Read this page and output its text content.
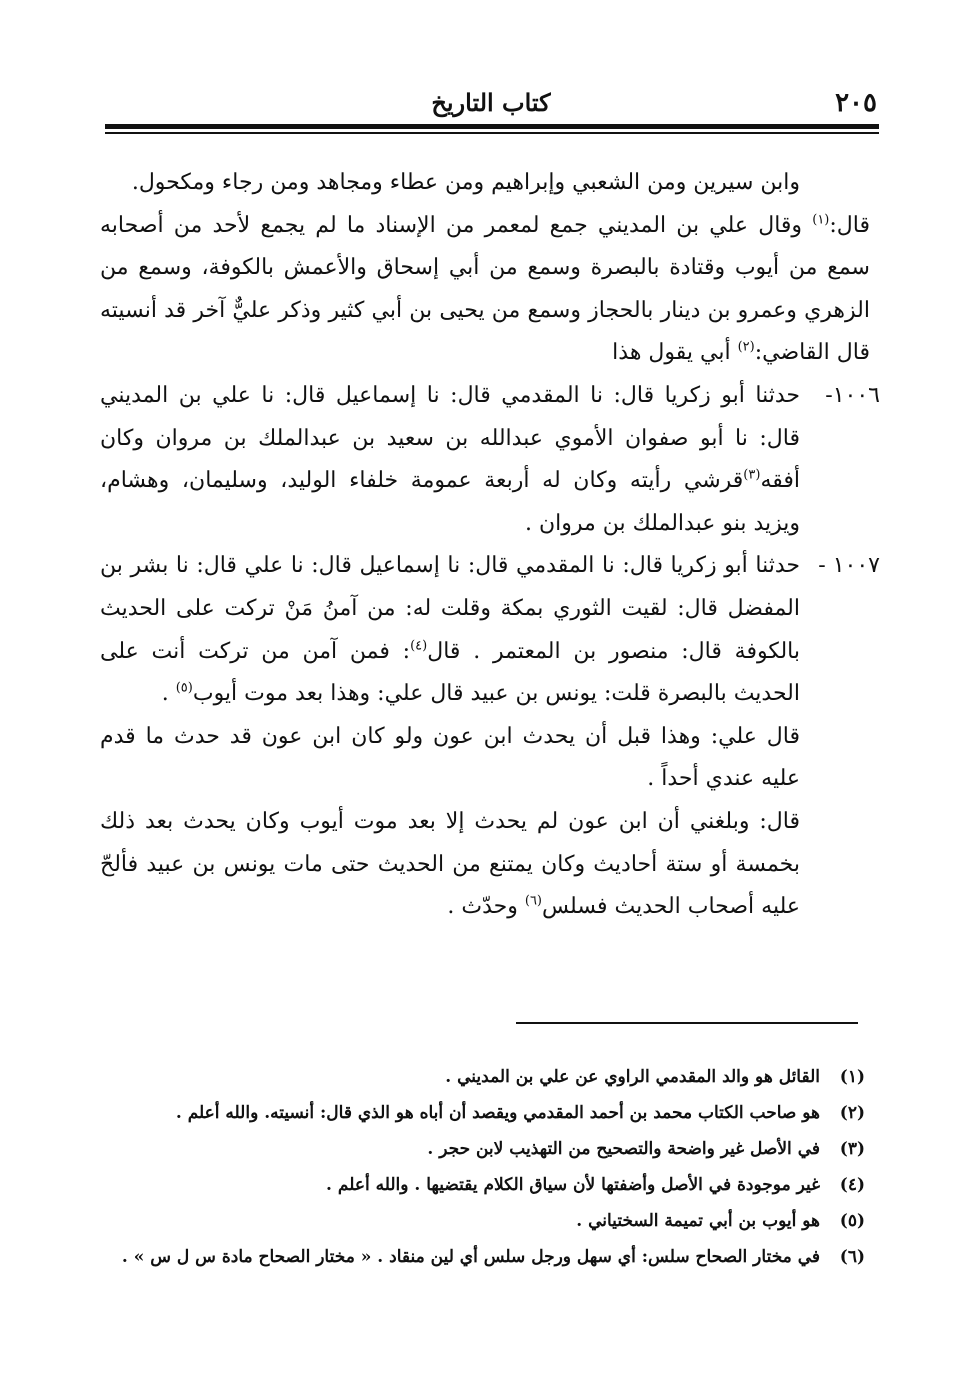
٢٠٥
كتاب التاريخ

وابن سيرين ومن الشعبي وإبراهيم ومن عطاء ومجاهد ومن رجاء ومكحول.

قال:$^{(١)}$ وقال علي بن المديني جمع لمعمر من الإسناد ما لم يجمع لأحد من أصحابه سمع من أيوب وقتادة بالبصرة وسمع من أبي إسحاق والأعمش بالكوفة، وسمع من الزهري وعمرو بن دينار بالحجاز وسمع من يحيى بن أبي كثير وذكر عليٌّ آخر قد أنسيته قال القاضي:$^{(٢)}$ أبي يقول هذا

١٠٠٦-
حدثنا أبو زكريا قال: نا المقدمي قال: نا إسماعيل قال: نا علي بن المديني قال: نا أبو صفوان الأموي عبدالله بن سعيد بن عبدالملك بن مروان وكان أفقه$^{(٣)}$قرشي رأيته وكان له أربعة عمومة خلفاء الوليد، وسليمان، وهشام، ويزيد بنو عبدالملك بن مروان .

١٠٠٧ -
حدثنا أبو زكريا قال: نا المقدمي قال: نا إسماعيل قال: نا علي قال: نا بشر بن المفضل قال: لقيت الثوري بمكة وقلت له: من آمنُ مَنْ تركت على الحديث بالكوفة قال: منصور بن المعتمر . قال$^{(٤)}$: فمن آمن من تركت أنت على الحديث بالبصرة قلت: يونس بن عبيد قال علي: وهذا بعد موت أيوب$^{(٥)}$ .

قال علي: وهذا قبل أن يحدث ابن عون ولو كان ابن عون قد حدث ما قدم عليه عندي أحداً .

قال: وبلغني أن ابن عون لم يحدث إلا بعد موت أيوب وكان يحدث بعد ذلك بخمسة أو ستة أحاديث وكان يمتنع من الحديث حتى مات يونس بن عبيد فألحّ عليه أصحاب الحديث فسلس$^{(٦)}$ وحدّث .

(١)
القائل هو والد المقدمي الراوي عن علي بن المديني .

(٢)
هو صاحب الكتاب محمد بن أحمد المقدمي ويقصد أن أباه هو الذي قال: أنسيته. والله أعلم .

(٣)
في الأصل غير واضحة والتصحيح من التهذيب لابن حجر .

(٤)
غير موجودة في الأصل وأضفتها لأن سياق الكلام يقتضيها . والله أعلم .

(٥)
هو أيوب بن أبي تميمة السختياني .

(٦)
في مختار الصحاح سلس: أي سهل ورجل سلس أي لين منقاد . « مختار الصحاح مادة س ل س » .
